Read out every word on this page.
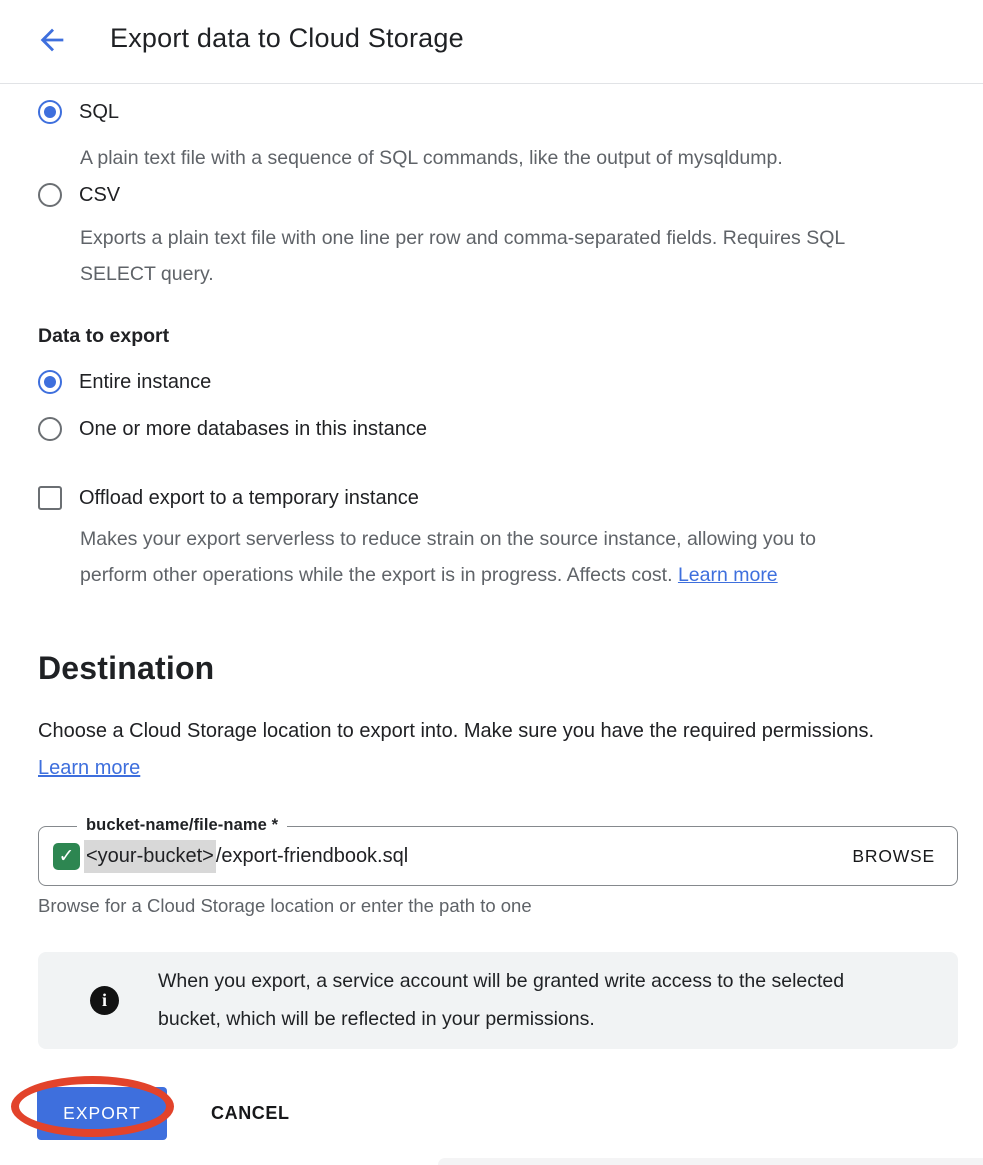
Export data to Cloud Storage
SQL
A plain text file with a sequence of SQL commands, like the output of mysqldump.
CSV
Exports a plain text file with one line per row and comma-separated fields. Requires SQL SELECT query.
Data to export
Entire instance
One or more databases in this instance
Offload export to a temporary instance
Makes your export serverless to reduce strain on the source instance, allowing you to perform other operations while the export is in progress. Affects cost. Learn more
Destination
Choose a Cloud Storage location to export into. Make sure you have the required permissions. Learn more
bucket-name/file-name *
✓ <your-bucket> /export-friendbook.sql	BROWSE
Browse for a Cloud Storage location or enter the path to one
i
When you export, a service account will be granted write access to the selected bucket, which will be reflected in your permissions.
EXPORT	CANCEL
